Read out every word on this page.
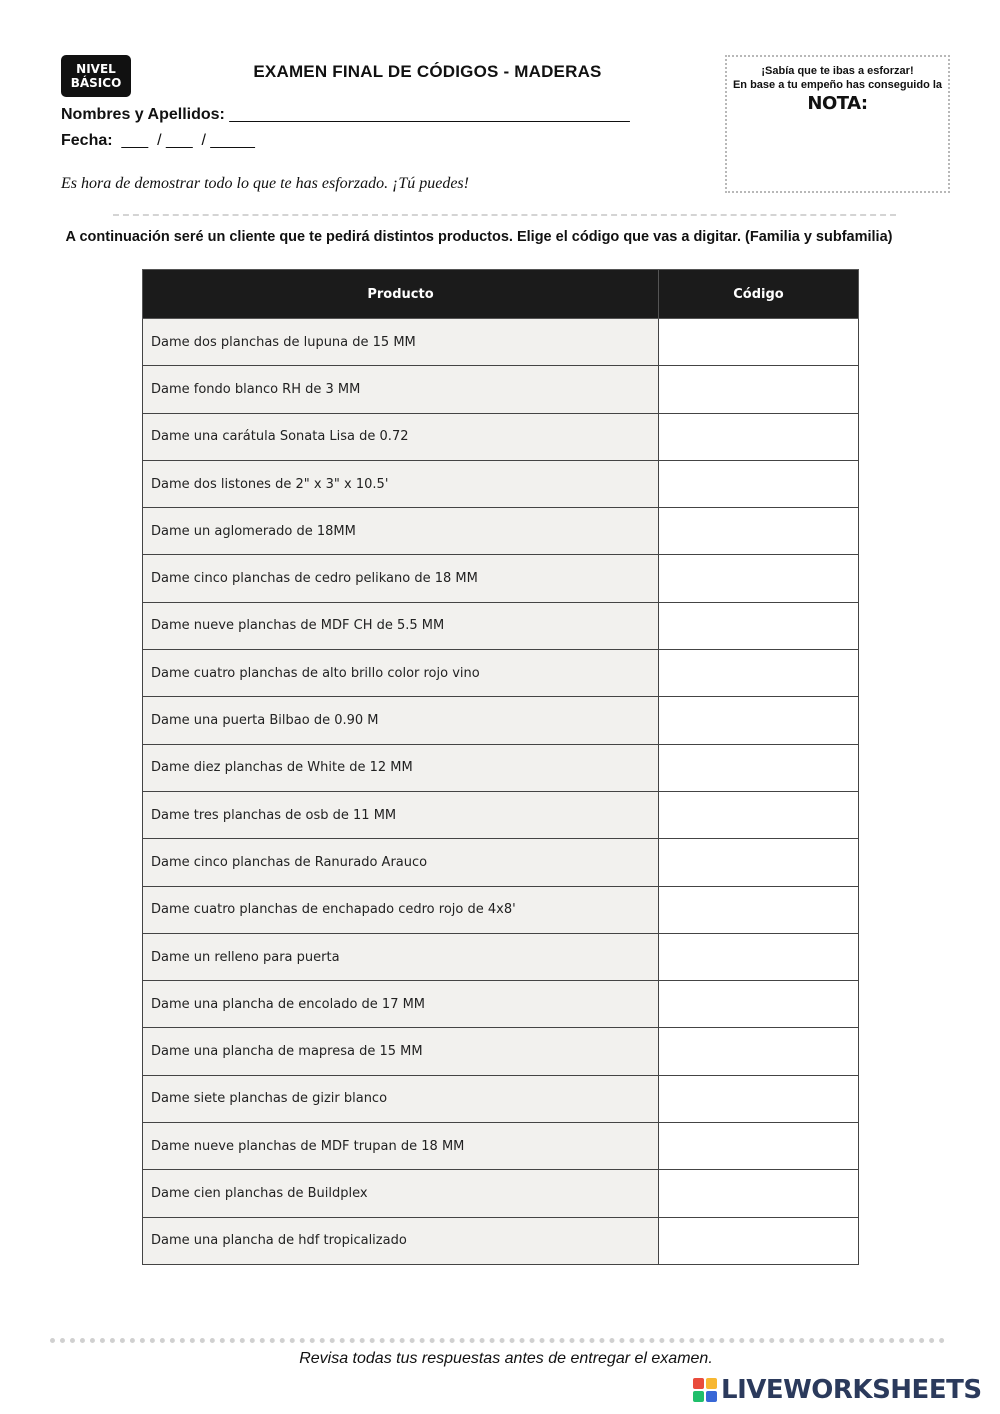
NIVEL
BÁSICO
EXAMEN FINAL DE CÓDIGOS - MADERAS
Nombres y Apellidos: _____________________________________________
Fecha:  ___  / ___  / _____
Es hora de demostrar todo lo que te has esforzado. ¡Tú puedes!
¡Sabía que te ibas a esforzar!
En base a tu empeño has conseguido la
NOTA:
A continuación seré un cliente que te pedirá distintos productos. Elige el código que vas a digitar. (Familia y subfamilia)
Producto	Código
Dame dos planchas de lupuna de 15 MM	
Dame fondo blanco RH de 3 MM	
Dame una carátula Sonata Lisa de 0.72	
Dame dos listones de 2" x 3" x 10.5'	
Dame un aglomerado de 18MM	
Dame cinco planchas de cedro pelikano de 18 MM	
Dame nueve planchas de MDF CH de 5.5 MM	
Dame cuatro planchas de alto brillo color rojo vino	
Dame una puerta Bilbao de 0.90 M	
Dame diez planchas de White de 12 MM	
Dame tres planchas de osb de 11 MM	
Dame cinco planchas de Ranurado Arauco	
Dame cuatro planchas de enchapado cedro rojo de 4x8'	
Dame un relleno para puerta	
Dame una plancha de encolado de 17 MM	
Dame una plancha de mapresa de 15 MM	
Dame siete planchas de gizir blanco	
Dame nueve planchas de MDF trupan de 18 MM	
Dame cien planchas de Buildplex	
Dame una plancha de hdf tropicalizado	
Revisa todas tus respuestas antes de entregar el examen.
LIVEWORKSHEETS
